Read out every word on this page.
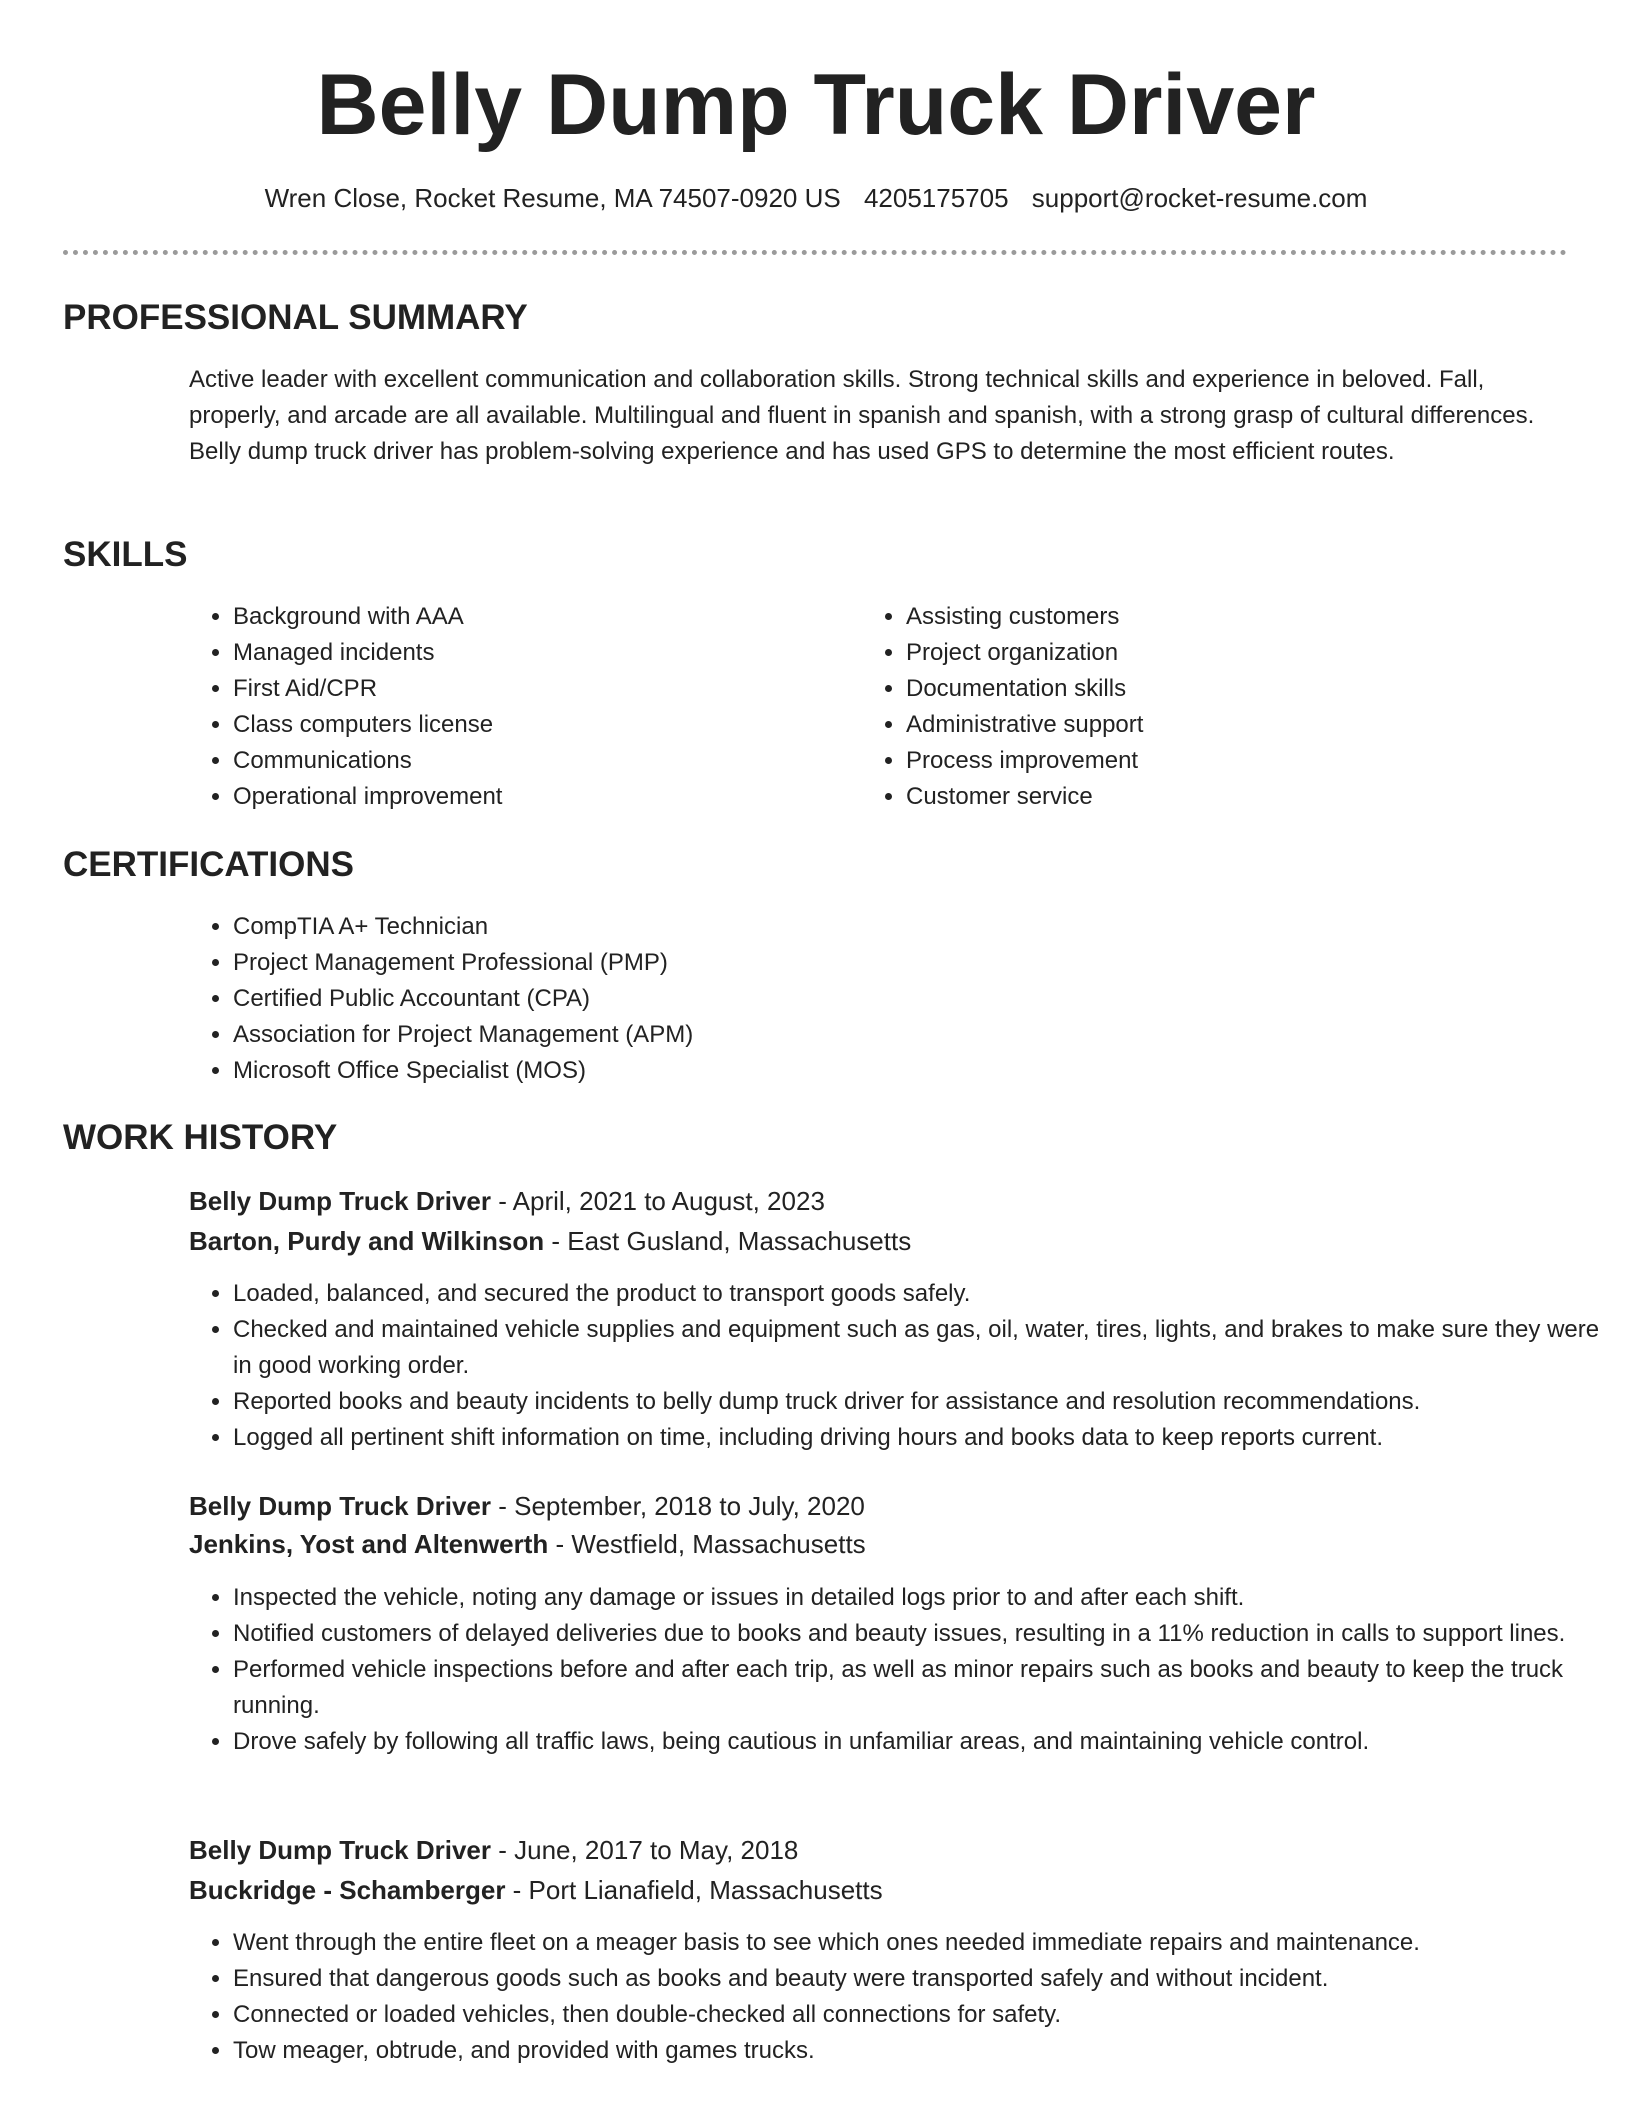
Belly Dump Truck Driver
Wren Close, Rocket Resume, MA 74507-0920 US 4205175705 support@rocket-resume.com
PROFESSIONAL SUMMARY
Active leader with excellent communication and collaboration skills. Strong technical skills and experience in beloved. Fall, properly, and arcade are all available. Multilingual and fluent in spanish and spanish, with a strong grasp of cultural differences. Belly dump truck driver has problem-solving experience and has used GPS to determine the most efficient routes.
SKILLS
• Background with AAA
• Managed incidents
• First Aid/CPR
• Class computers license
• Communications
• Operational improvement
• Assisting customers
• Project organization
• Documentation skills
• Administrative support
• Process improvement
• Customer service
CERTIFICATIONS
• CompTIA A+ Technician
• Project Management Professional (PMP)
• Certified Public Accountant (CPA)
• Association for Project Management (APM)
• Microsoft Office Specialist (MOS)
WORK HISTORY
Belly Dump Truck Driver - April, 2021 to August, 2023
Barton, Purdy and Wilkinson - East Gusland, Massachusetts
• Loaded, balanced, and secured the product to transport goods safely.
• Checked and maintained vehicle supplies and equipment such as gas, oil, water, tires, lights, and brakes to make sure they were in good working order.
• Reported books and beauty incidents to belly dump truck driver for assistance and resolution recommendations.
• Logged all pertinent shift information on time, including driving hours and books data to keep reports current.
Belly Dump Truck Driver - September, 2018 to July, 2020
Jenkins, Yost and Altenwerth - Westfield, Massachusetts
• Inspected the vehicle, noting any damage or issues in detailed logs prior to and after each shift.
• Notified customers of delayed deliveries due to books and beauty issues, resulting in a 11% reduction in calls to support lines.
• Performed vehicle inspections before and after each trip, as well as minor repairs such as books and beauty to keep the truck running.
• Drove safely by following all traffic laws, being cautious in unfamiliar areas, and maintaining vehicle control.
Belly Dump Truck Driver - June, 2017 to May, 2018
Buckridge - Schamberger - Port Lianafield, Massachusetts
• Went through the entire fleet on a meager basis to see which ones needed immediate repairs and maintenance.
• Ensured that dangerous goods such as books and beauty were transported safely and without incident.
• Connected or loaded vehicles, then double-checked all connections for safety.
• Tow meager, obtrude, and provided with games trucks.
